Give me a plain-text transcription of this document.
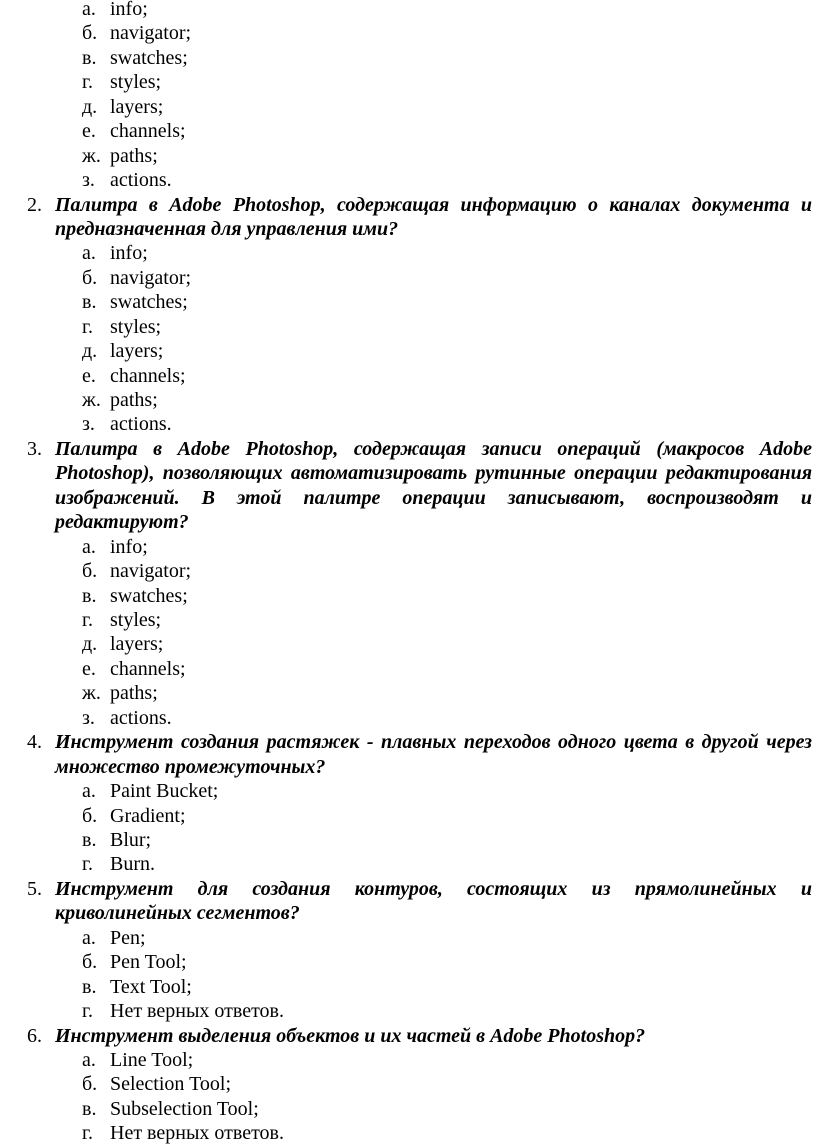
а. info;
б. navigator;
в. swatches;
г. styles;
д. layers;
е. channels;
ж. paths;
з. actions.
2. Палитра в Adobe Photoshop, содержащая информацию о каналах документа и предназначенная для управления ими?
а. info;
б. navigator;
в. swatches;
г. styles;
д. layers;
е. channels;
ж. paths;
з. actions.
3. Палитра в Adobe Photoshop, содержащая записи операций (макросов Adobe Photoshop), позволяющих автоматизировать рутинные операции редактирования изображений. В этой палитре операции записывают, воспроизводят и редактируют?
а. info;
б. navigator;
в. swatches;
г. styles;
д. layers;
е. channels;
ж. paths;
з. actions.
4. Инструмент создания растяжек - плавных переходов одного цвета в другой через множество промежуточных?
а. Paint Bucket;
б. Gradient;
в. Blur;
г. Burn.
5. Инструмент для создания контуров, состоящих из прямолинейных и криволинейных сегментов?
а. Pen;
б. Pen Tool;
в. Text Tool;
г. Нет верных ответов.
6. Инструмент выделения объектов и их частей в Adobe Photoshop?
а. Line Tool;
б. Selection Tool;
в. Subselection Tool;
г. Нет верных ответов.
